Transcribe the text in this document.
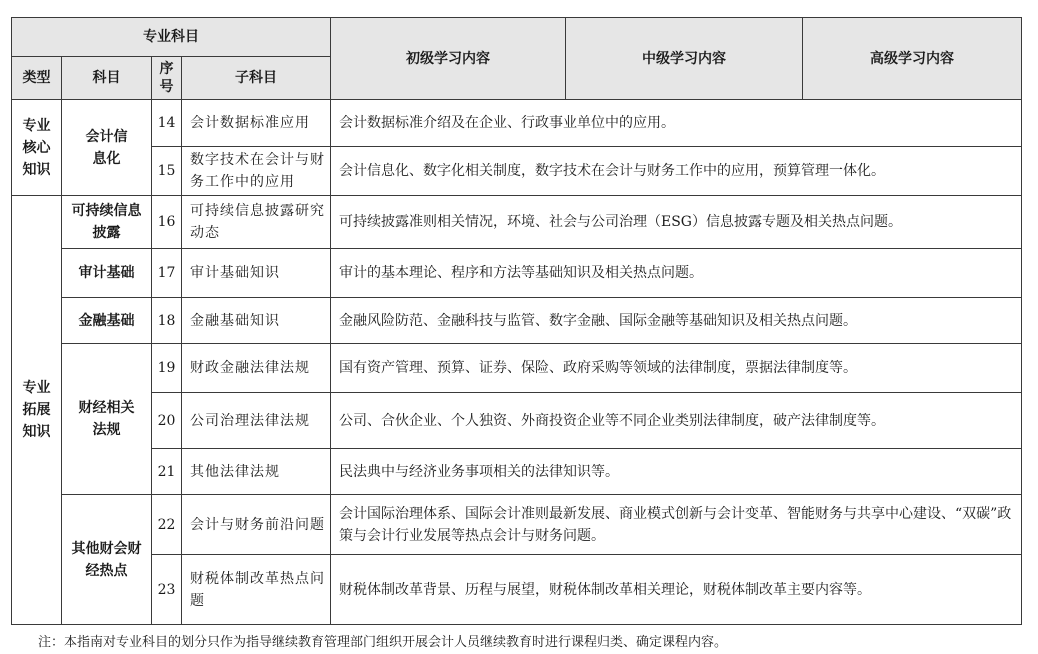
专业科目				初级学习内容	中级学习内容	高级学习内容
类型	科目	序号	子科目			
专业核心知识	会计信息化	14	会计数据标准应用	会计数据标准介绍及在企业、行政事业单位中的应用。		
		15	数字技术在会计与财务工作中的应用	会计信息化、数字化相关制度，数字技术在会计与财务工作中的应用，预算管理一体化。		
专业拓展知识	可持续信息披露	16	可持续信息披露研究动态	可持续披露准则相关情况，环境、社会与公司治理（ESG）信息披露专题及相关热点问题。		
	审计基础	17	审计基础知识	审计的基本理论、程序和方法等基础知识及相关热点问题。		
	金融基础	18	金融基础知识	金融风险防范、金融科技与监管、数字金融、国际金融等基础知识及相关热点问题。		
	财经相关法规	19	财政金融法律法规	国有资产管理、预算、证券、保险、政府采购等领域的法律制度，票据法律制度等。		
		20	公司治理法律法规	公司、合伙企业、个人独资、外商投资企业等不同企业类别法律制度，破产法律制度等。		
		21	其他法律法规	民法典中与经济业务事项相关的法律知识等。		
	其他财会财经热点	22	会计与财务前沿问题	会计国际治理体系、国际会计准则最新发展、商业模式创新与会计变革、智能财务与共享中心建设、“双碳”政策与会计行业发展等热点会计与财务问题。		
		23	财税体制改革热点问题	财税体制改革背景、历程与展望，财税体制改革相关理论，财税体制改革主要内容等。		
注：本指南对专业科目的划分只作为指导继续教育管理部门组织开展会计人员继续教育时进行课程归类、确定课程内容。
